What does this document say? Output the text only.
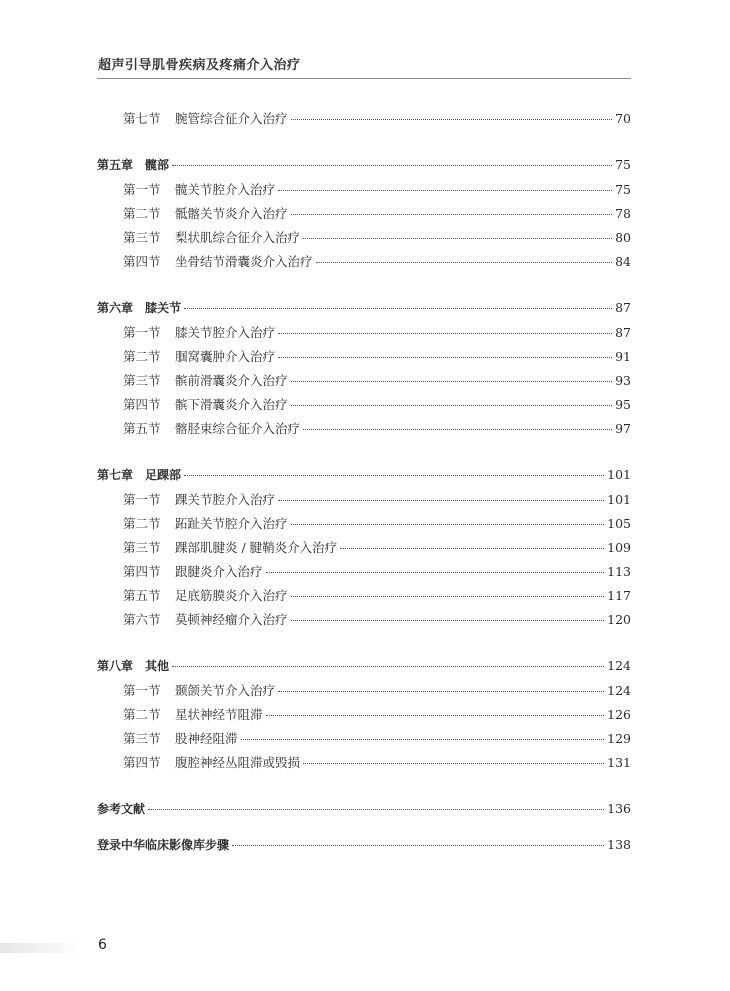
超声引导肌骨疾病及疼痛介入治疗
第七节 腕管综合征介入治疗	70
第五章 髋部	75
第一节 髋关节腔介入治疗	75
第二节 骶髂关节炎介入治疗	78
第三节 梨状肌综合征介入治疗	80
第四节 坐骨结节滑囊炎介入治疗	84
第六章 膝关节	87
第一节 膝关节腔介入治疗	87
第二节 腘窝囊肿介入治疗	91
第三节 髌前滑囊炎介入治疗	93
第四节 髌下滑囊炎介入治疗	95
第五节 髂胫束综合征介入治疗	97
第七章 足踝部	101
第一节 踝关节腔介入治疗	101
第二节 跖趾关节腔介入治疗	105
第三节 踝部肌腱炎 / 腱鞘炎介入治疗	109
第四节 跟腱炎介入治疗	113
第五节 足底筋膜炎介入治疗	117
第六节 莫顿神经瘤介入治疗	120
第八章 其他	124
第一节 颞颌关节介入治疗	124
第二节 星状神经节阻滞	126
第三节 股神经阻滞	129
第四节 腹腔神经丛阻滞或毁损	131
参考文献	136
登录中华临床影像库步骤	138
6
